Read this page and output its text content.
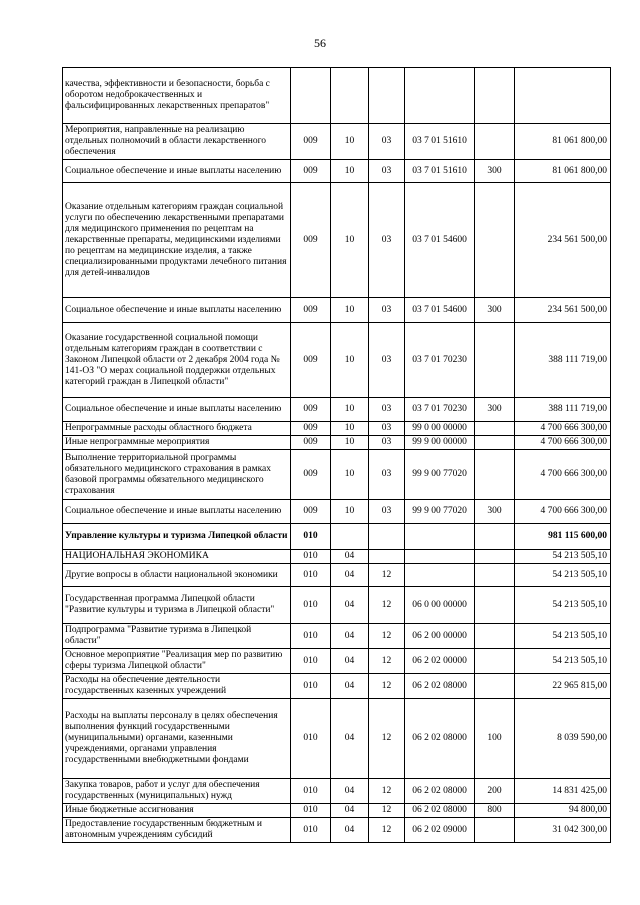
56
качества, эффективности и безопасности, борьба с оборотом недоброкачественных и фальсифицированных лекарственных препаратов"						
Мероприятия, направленные на реализацию отдельных полномочий в области лекарственного обеспечения	009	10	03	03 7 01 51610		81 061 800,00
Социальное обеспечение и иные выплаты населению	009	10	03	03 7 01 51610	300	81 061 800,00
Оказание отдельным категориям граждан социальной услуги по обеспечению лекарственными препаратами для медицинского применения по рецептам на лекарственные препараты, медицинскими изделиями по рецептам на медицинские изделия, а также специализированными продуктами лечебного питания для детей-инвалидов	009	10	03	03 7 01 54600		234 561 500,00
Социальное обеспечение и иные выплаты населению	009	10	03	03 7 01 54600	300	234 561 500,00
Оказание государственной социальной помощи отдельным категориям граждан в соответствии с Законом Липецкой области от 2 декабря 2004 года № 141-ОЗ "О мерах социальной поддержки отдельных категорий граждан в Липецкой области"	009	10	03	03 7 01 70230		388 111 719,00
Социальное обеспечение и иные выплаты населению	009	10	03	03 7 01 70230	300	388 111 719,00
Непрограммные расходы областного бюджета	009	10	03	99 0 00 00000		4 700 666 300,00
Иные непрограммные мероприятия	009	10	03	99 9 00 00000		4 700 666 300,00
Выполнение территориальной программы обязательного медицинского страхования в рамках базовой программы обязательного медицинского страхования	009	10	03	99 9 00 77020		4 700 666 300,00
Социальное обеспечение и иные выплаты населению	009	10	03	99 9 00 77020	300	4 700 666 300,00
Управление культуры и туризма Липецкой области	010					981 115 600,00
НАЦИОНАЛЬНАЯ ЭКОНОМИКА	010	04				54 213 505,10
Другие вопросы в области национальной экономики	010	04	12			54 213 505,10
Государственная программа Липецкой области "Развитие культуры и туризма в Липецкой области"	010	04	12	06 0 00 00000		54 213 505,10
Подпрограмма "Развитие туризма в Липецкой области"	010	04	12	06 2 00 00000		54 213 505,10
Основное мероприятие "Реализация мер по развитию сферы туризма Липецкой области"	010	04	12	06 2 02 00000		54 213 505,10
Расходы на обеспечение деятельности государственных казенных учреждений	010	04	12	06 2 02 08000		22 965 815,00
Расходы на выплаты персоналу в целях обеспечения выполнения функций государственными (муниципальными) органами, казенными учреждениями, органами управления государственными внебюджетными фондами	010	04	12	06 2 02 08000	100	8 039 590,00
Закупка товаров, работ и услуг для обеспечения государственных (муниципальных) нужд	010	04	12	06 2 02 08000	200	14 831 425,00
Иные бюджетные ассигнования	010	04	12	06 2 02 08000	800	94 800,00
Предоставление государственным бюджетным и автономным учреждениям субсидий	010	04	12	06 2 02 09000		31 042 300,00
